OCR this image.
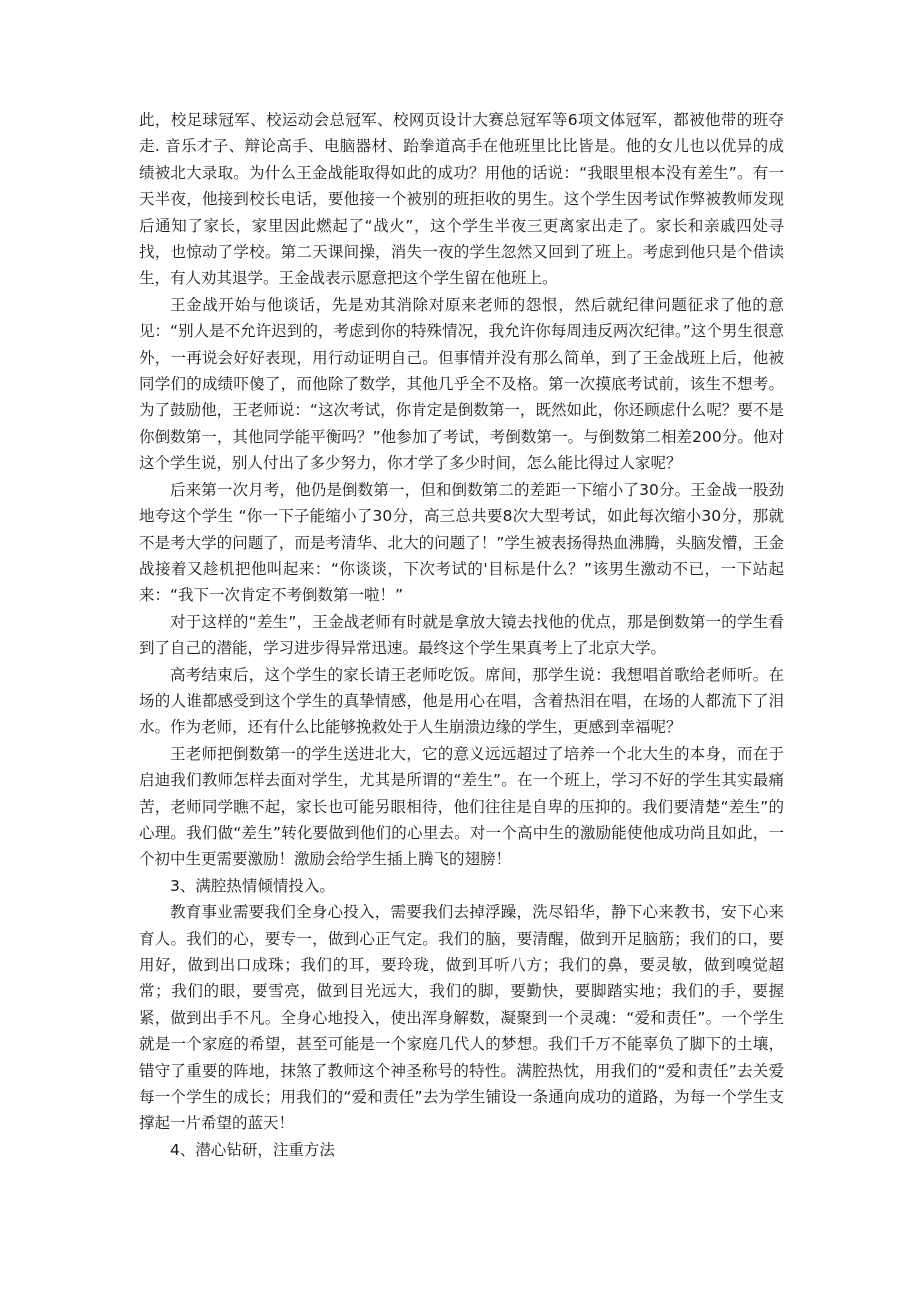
此，校足球冠军、校运动会总冠军、校网页设计大赛总冠军等6项文体冠军，都被他带的班夺走. 音乐才子、辩论高手、电脑器材、跆拳道高手在他班里比比皆是。他的女儿也以优异的成绩被北大录取。为什么王金战能取得如此的成功？用他的话说：“我眼里根本没有差生”。有一天半夜，他接到校长电话，要他接一个被别的班拒收的男生。这个学生因考试作弊被教师发现后通知了家长，家里因此燃起了“战火”，这个学生半夜三更离家出走了。家长和亲戚四处寻找，也惊动了学校。第二天课间操，消失一夜的学生忽然又回到了班上。考虑到他只是个借读生，有人劝其退学。王金战表示愿意把这个学生留在他班上。

王金战开始与他谈话，先是劝其消除对原来老师的怨恨，然后就纪律问题征求了他的意见：“别人是不允许迟到的，考虑到你的特殊情况，我允许你每周违反两次纪律。”这个男生很意外，一再说会好好表现，用行动证明自己。但事情并没有那么简单，到了王金战班上后，他被同学们的成绩吓傻了，而他除了数学，其他几乎全不及格。第一次摸底考试前，该生不想考。为了鼓励他，王老师说：“这次考试，你肯定是倒数第一，既然如此，你还顾虑什么呢？要不是你倒数第一，其他同学能平衡吗？”他参加了考试，考倒数第一。与倒数第二相差200分。他对这个学生说，别人付出了多少努力，你才学了多少时间，怎么能比得过人家呢？

后来第一次月考，他仍是倒数第一，但和倒数第二的差距一下缩小了30分。王金战一股劲地夸这个学生 “你一下子能缩小了30分，高三总共要8次大型考试，如此每次缩小30分，那就不是考大学的问题了，而是考清华、北大的问题了！”学生被表扬得热血沸腾，头脑发懵，王金战接着又趁机把他叫起来：“你谈谈，下次考试的'目标是什么？”该男生激动不已，一下站起来：“我下一次肯定不考倒数第一啦！”

对于这样的“差生”，王金战老师有时就是拿放大镜去找他的优点，那是倒数第一的学生看到了自己的潜能，学习进步得异常迅速。最终这个学生果真考上了北京大学。

高考结束后，这个学生的家长请王老师吃饭。席间，那学生说：我想唱首歌给老师听。在场的人谁都感受到这个学生的真挚情感，他是用心在唱，含着热泪在唱，在场的人都流下了泪水。作为老师，还有什么比能够挽救处于人生崩溃边缘的学生，更感到幸福呢？

王老师把倒数第一的学生送进北大，它的意义远远超过了培养一个北大生的本身，而在于启迪我们教师怎样去面对学生，尤其是所谓的“差生”。在一个班上，学习不好的学生其实最痛苦，老师同学瞧不起，家长也可能另眼相待，他们往往是自卑的压抑的。我们要清楚“差生”的心理。我们做“差生”转化要做到他们的心里去。对一个高中生的激励能使他成功尚且如此，一个初中生更需要激励！激励会给学生插上腾飞的翅膀！

3、满腔热情倾情投入。

教育事业需要我们全身心投入，需要我们去掉浮躁，洗尽铅华，静下心来教书，安下心来育人。我们的心，要专一，做到心正气定。我们的脑，要清醒，做到开足脑筋；我们的口，要用好，做到出口成珠；我们的耳，要玲珑，做到耳听八方；我们的鼻，要灵敏，做到嗅觉超常；我们的眼，要雪亮，做到目光远大，我们的脚，要勤快，要脚踏实地；我们的手，要握紧，做到出手不凡。全身心地投入，使出浑身解数，凝聚到一个灵魂：“爱和责任”。一个学生就是一个家庭的希望，甚至可能是一个家庭几代人的梦想。我们千万不能辜负了脚下的土壤，错守了重要的阵地，抹煞了教师这个神圣称号的特性。满腔热忱，用我们的“爱和责任”去关爱每一个学生的成长；用我们的“爱和责任”去为学生铺设一条通向成功的道路，为每一个学生支撑起一片希望的蓝天！

4、潜心钻研，注重方法
